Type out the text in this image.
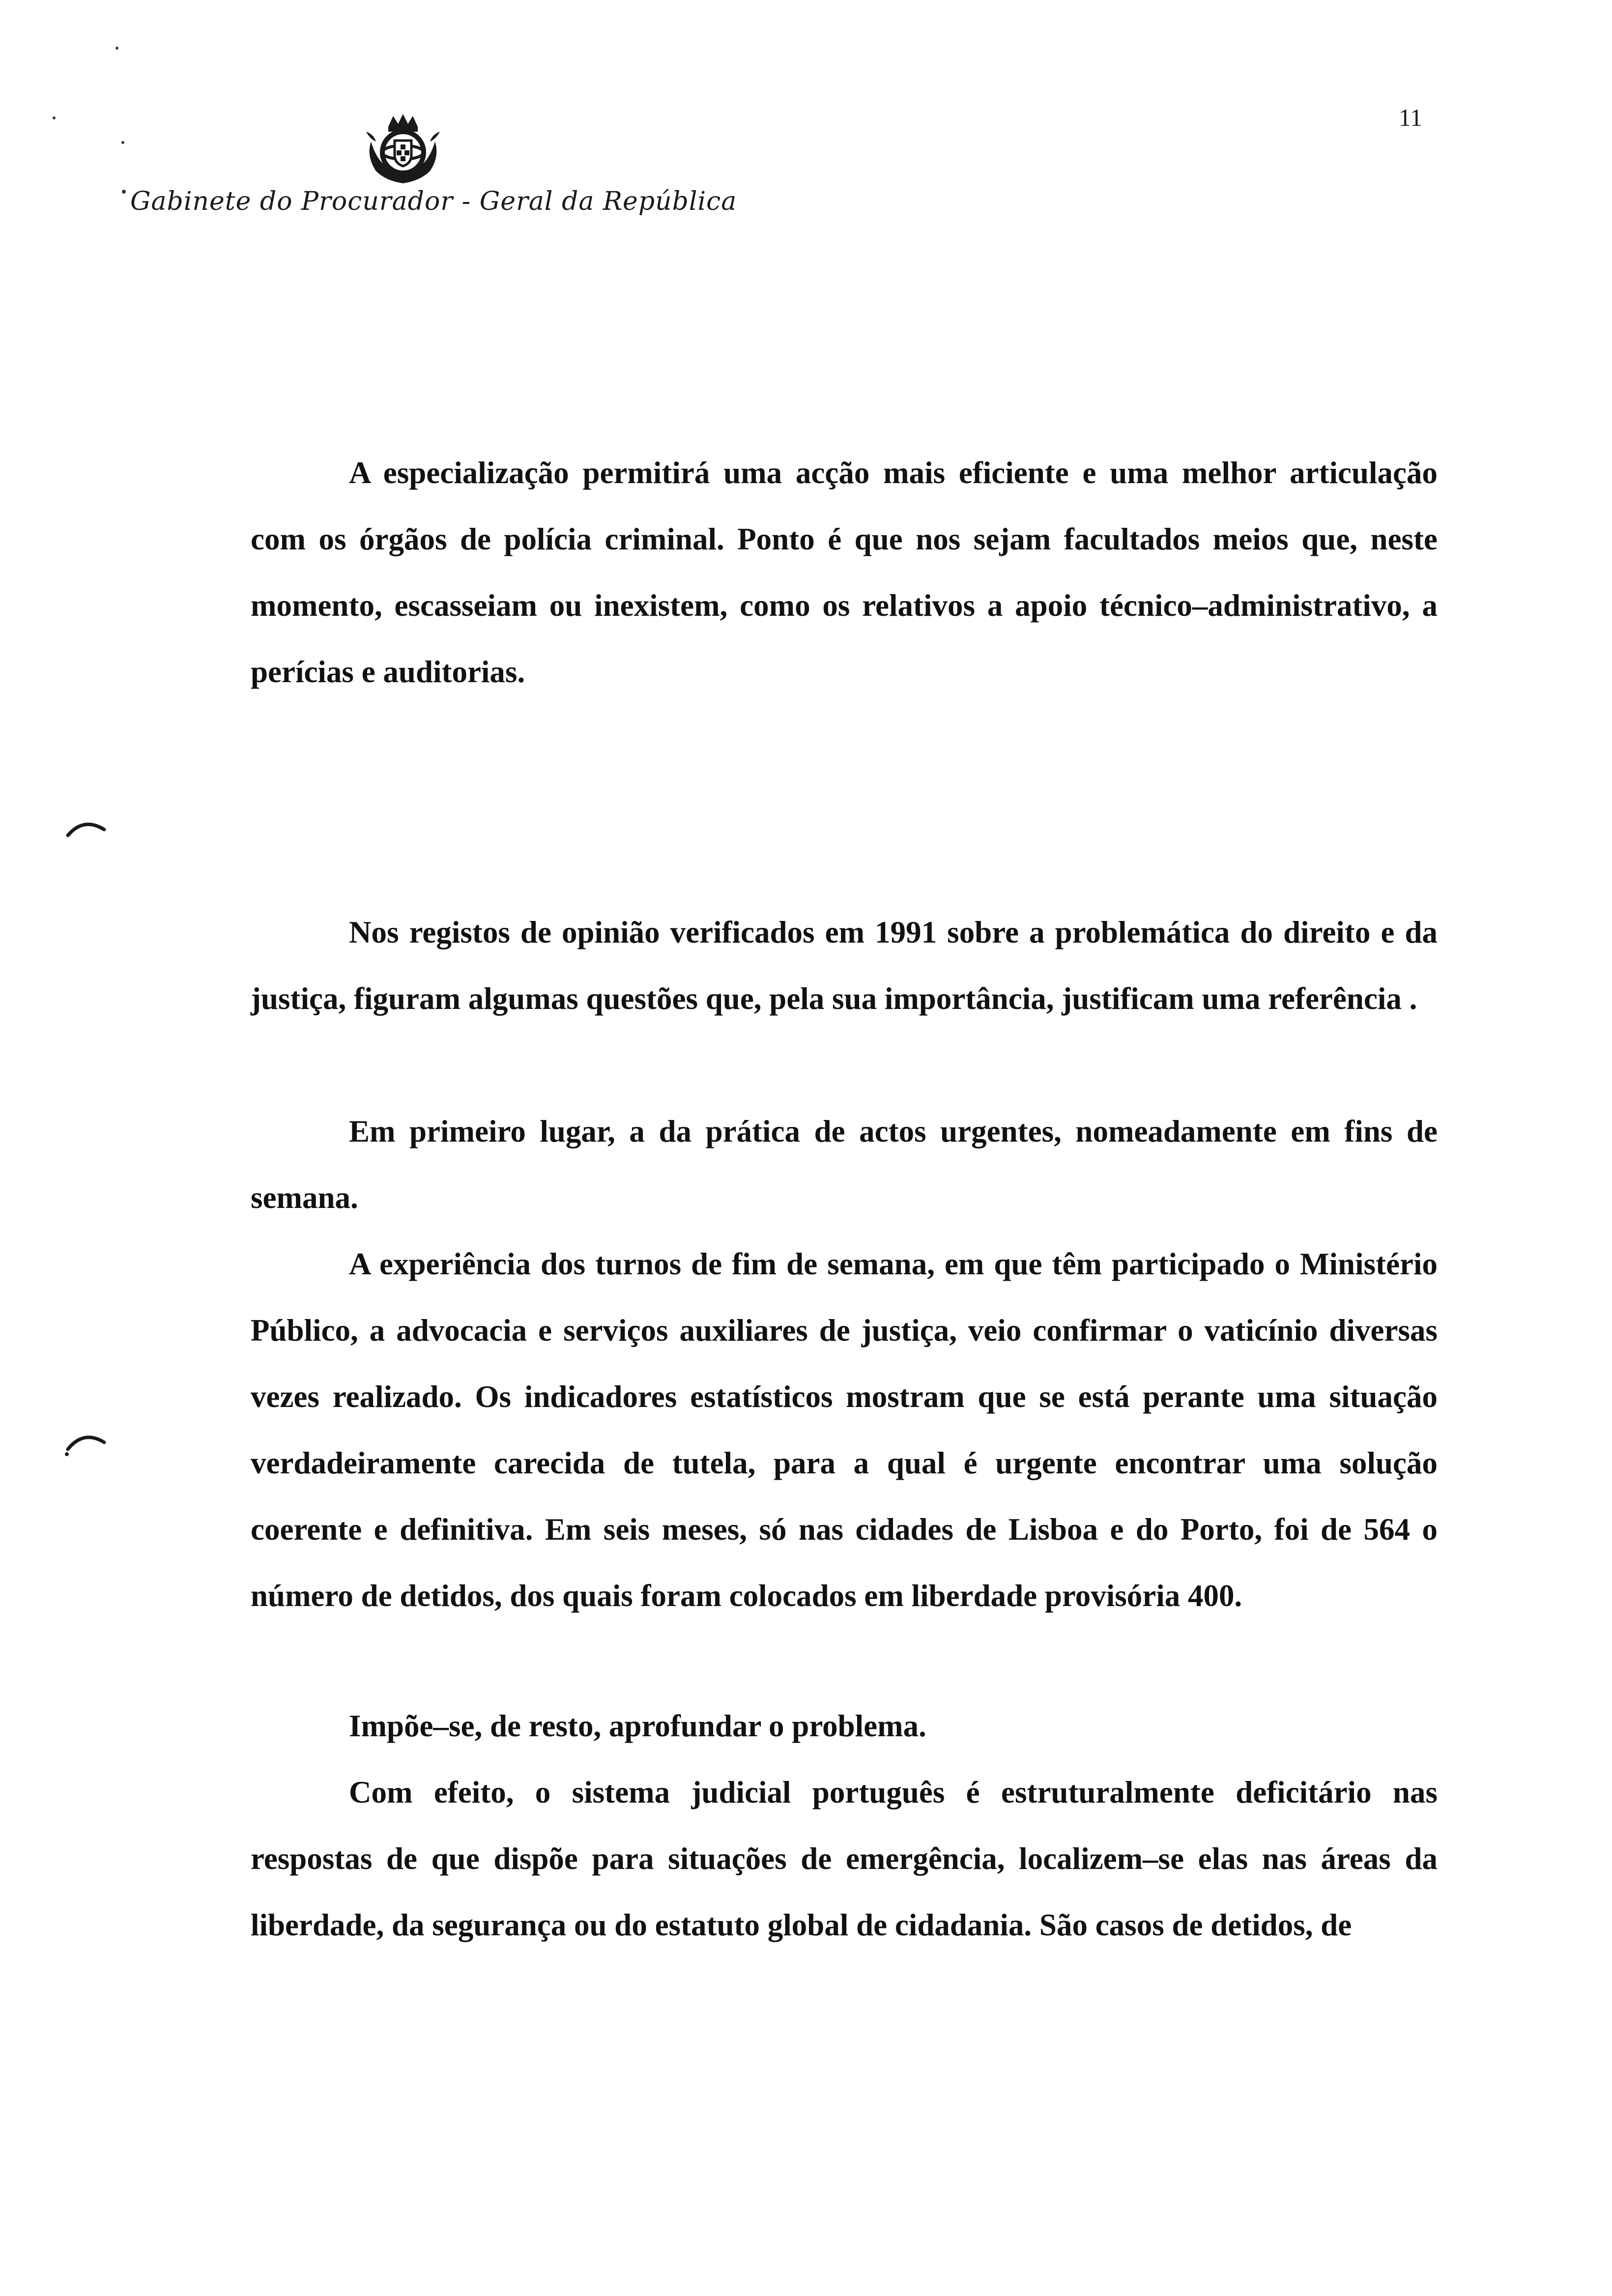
Gabinete do Procurador - Geral da República
11

A especialização permitirá uma acção mais eficiente e uma melhor articulação com os órgãos de polícia criminal. Ponto é que nos sejam facultados meios que, neste momento, escasseiam ou inexistem, como os relativos a apoio técnico–administrativo, a perícias e auditorias.

Nos registos de opinião verificados em 1991 sobre a problemática do direito e da justiça, figuram algumas questões que, pela sua importância, justificam uma referência .

Em primeiro lugar, a da prática de actos urgentes, nomeadamente em fins de semana.

A experiência dos turnos de fim de semana, em que têm participado o Ministério Público, a advocacia e serviços auxiliares de justiça, veio confirmar o vaticínio diversas vezes realizado. Os indicadores estatísticos mostram que se está perante uma situação verdadeiramente carecida de tutela, para a qual é urgente encontrar uma solução coerente e definitiva. Em seis meses, só nas cidades de Lisboa e do Porto, foi de 564 o número de detidos, dos quais foram colocados em liberdade provisória 400.

Impõe–se, de resto, aprofundar o problema.

Com efeito, o sistema judicial português é estruturalmente deficitário nas respostas de que dispõe para situações de emergência, localizem–se elas nas áreas da liberdade, da segurança ou do estatuto global de cidadania. São casos de detidos, de
